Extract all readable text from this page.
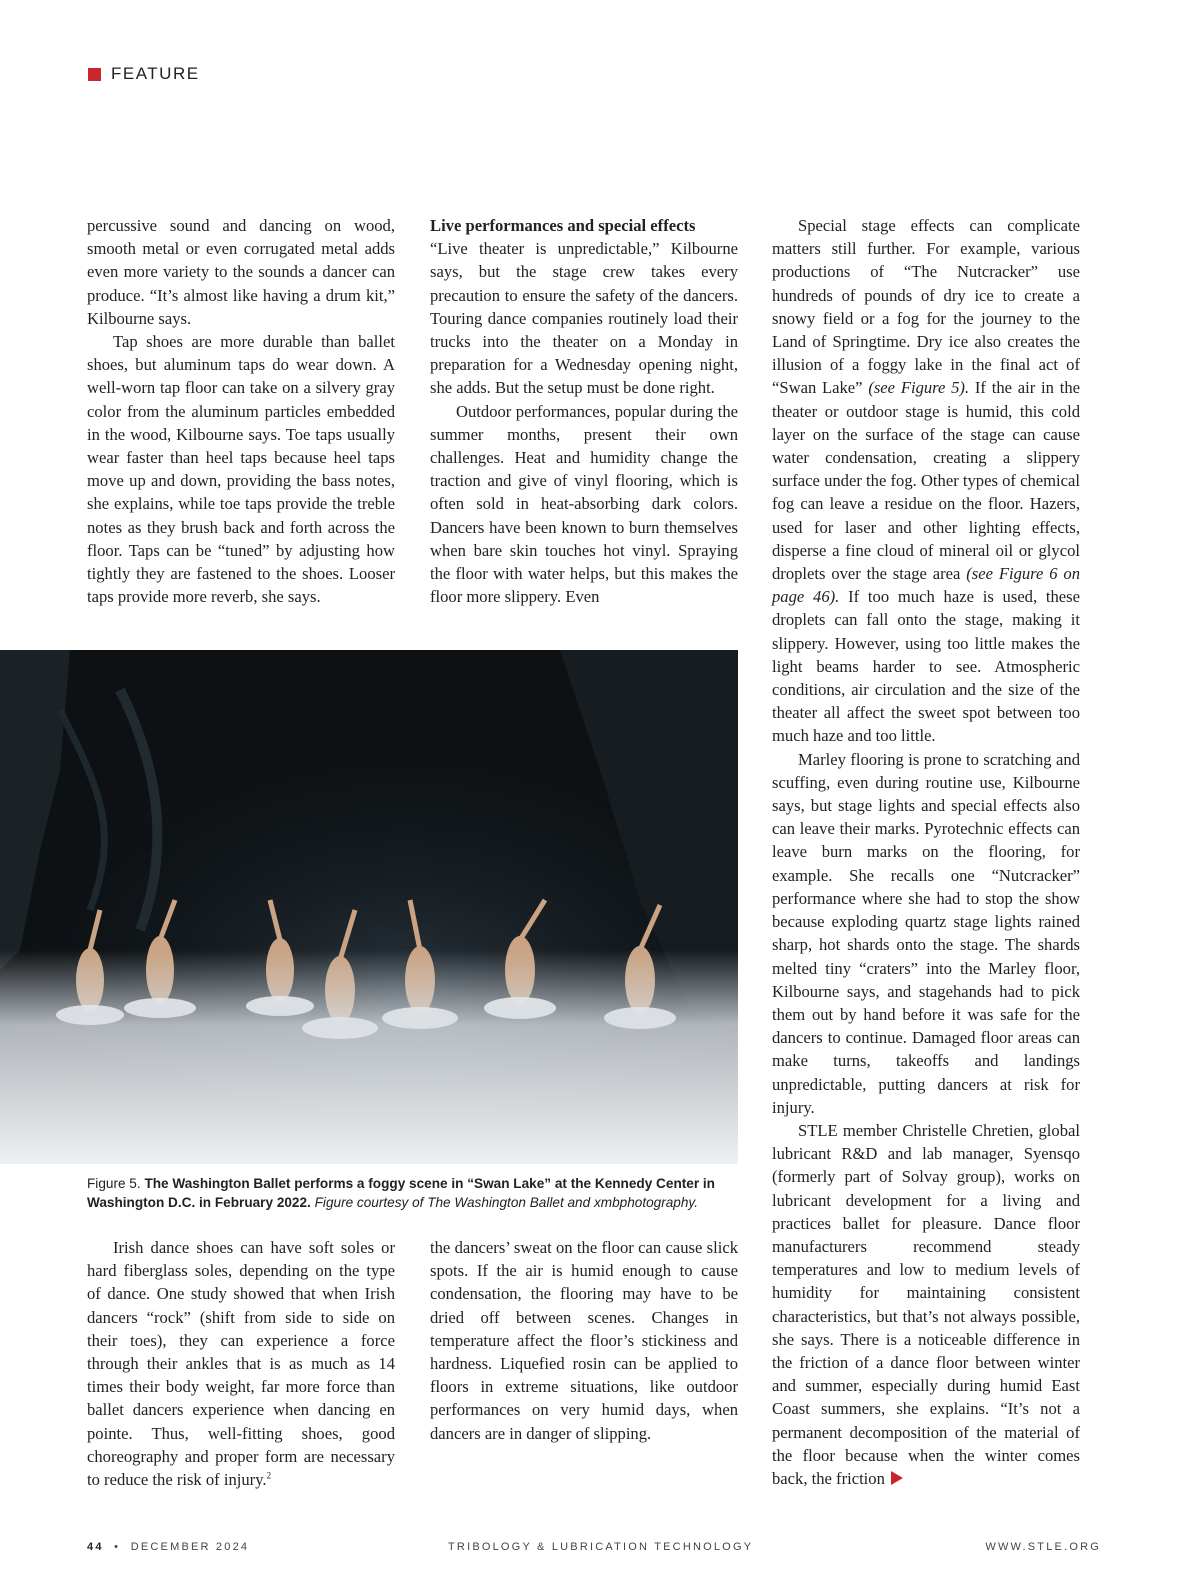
FEATURE

percussive sound and dancing on wood, smooth metal or even corrugated metal adds even more variety to the sounds a dancer can produce. “It’s almost like having a drum kit,” Kilbourne says.

Tap shoes are more durable than ballet shoes, but aluminum taps do wear down. A well-worn tap floor can take on a silvery gray color from the aluminum particles embedded in the wood, Kilbourne says. Toe taps usually wear faster than heel taps because heel taps move up and down, providing the bass notes, she explains, while toe taps provide the treble notes as they brush back and forth across the floor. Taps can be “tuned” by adjusting how tightly they are fastened to the shoes. Looser taps provide more reverb, she says.

Live performances and special effects

“Live theater is unpredictable,” Kilbourne says, but the stage crew takes every precaution to ensure the safety of the dancers. Touring dance companies routinely load their trucks into the theater on a Monday in preparation for a Wednesday opening night, she adds. But the setup must be done right.

Outdoor performances, popular during the summer months, present their own challenges. Heat and humidity change the traction and give of vinyl flooring, which is often sold in heat-absorbing dark colors. Dancers have been known to burn themselves when bare skin touches hot vinyl. Spraying the floor with water helps, but this makes the floor more slippery. Even

Special stage effects can complicate matters still further. For example, various productions of “The Nutcracker” use hundreds of pounds of dry ice to create a snowy field or a fog for the journey to the Land of Springtime. Dry ice also creates the illusion of a foggy lake in the final act of “Swan Lake” (see Figure 5). If the air in the theater or outdoor stage is humid, this cold layer on the surface of the stage can cause water condensation, creating a slippery surface under the fog. Other types of chemical fog can leave a residue on the floor. Hazers, used for laser and other lighting effects, disperse a fine cloud of mineral oil or glycol droplets over the stage area (see Figure 6 on page 46). If too much haze is used, these droplets can fall onto the stage, making it slippery. However, using too little makes the light beams harder to see. Atmospheric conditions, air circulation and the size of the theater all affect the sweet spot between too much haze and too little.

Marley flooring is prone to scratching and scuffing, even during routine use, Kilbourne says, but stage lights and special effects also can leave their marks. Pyrotechnic effects can leave burn marks on the flooring, for example. She recalls one “Nutcracker” performance where she had to stop the show because exploding quartz stage lights rained sharp, hot shards onto the stage. The shards melted tiny “craters” into the Marley floor, Kilbourne says, and stagehands had to pick them out by hand before it was safe for the dancers to continue. Damaged floor areas can make turns, takeoffs and landings unpredictable, putting dancers at risk for injury.

STLE member Christelle Chretien, global lubricant R&D and lab manager, Syensqo (formerly part of Solvay group), works on lubricant development for a living and practices ballet for pleasure. Dance floor manufacturers recommend steady temperatures and low to medium levels of humidity for maintaining consistent characteristics, but that’s not always possible, she says. There is a noticeable difference in the friction of a dance floor between winter and summer, especially during humid East Coast summers, she explains. “It’s not a permanent decomposition of the material of the floor because when the winter comes back, the friction

Figure 5. The Washington Ballet performs a foggy scene in “Swan Lake” at the Kennedy Center in Washington D.C. in February 2022. Figure courtesy of The Washington Ballet and xmbphotography.

Irish dance shoes can have soft soles or hard fiberglass soles, depending on the type of dance. One study showed that when Irish dancers “rock” (shift from side to side on their toes), they can experience a force through their ankles that is as much as 14 times their body weight, far more force than ballet dancers experience when dancing en pointe. Thus, well-fitting shoes, good choreography and proper form are necessary to reduce the risk of injury.$^2$

the dancers’ sweat on the floor can cause slick spots. If the air is humid enough to cause condensation, the flooring may have to be dried off between scenes. Changes in temperature affect the floor’s stickiness and hardness. Liquefied rosin can be applied to floors in extreme situations, like outdoor performances on very humid days, when dancers are in danger of slipping.

44 • DECEMBER 2024	TRIBOLOGY & LUBRICATION TECHNOLOGY	WWW.STLE.ORG
